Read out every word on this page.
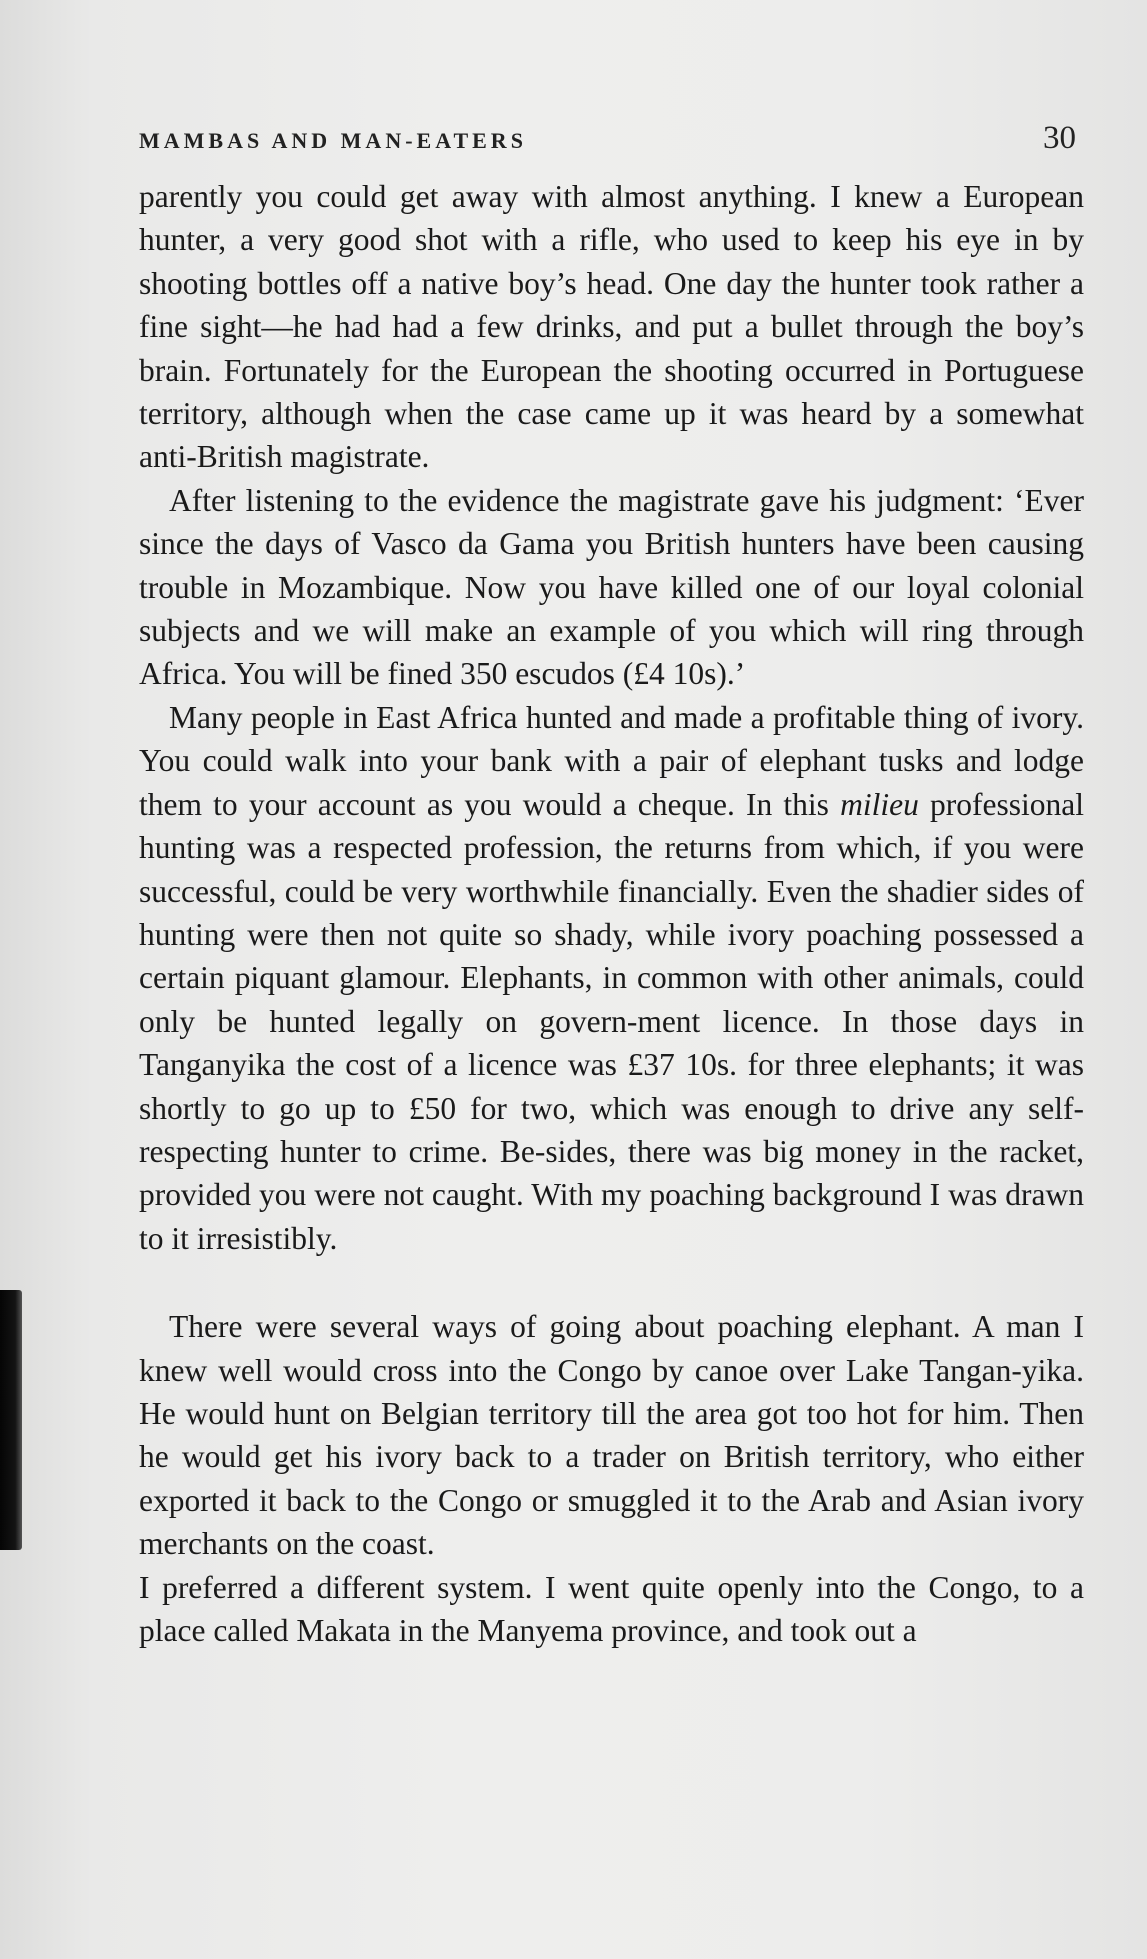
MAMBAS AND MAN-EATERS	30

parently you could get away with almost anything. I knew a European hunter, a very good shot with a rifle, who used to keep his eye in by shooting bottles off a native boy’s head. One day the hunter took rather a fine sight—he had had a few drinks, and put a bullet through the boy’s brain. Fortunately for the European the shooting occurred in Portuguese territory, although when the case came up it was heard by a somewhat anti-British magistrate.

After listening to the evidence the magistrate gave his judgment: ‘Ever since the days of Vasco da Gama you British hunters have been causing trouble in Mozambique. Now you have killed one of our loyal colonial subjects and we will make an example of you which will ring through Africa. You will be fined 350 escudos (£4 10s).’

Many people in East Africa hunted and made a profitable thing of ivory. You could walk into your bank with a pair of elephant tusks and lodge them to your account as you would a cheque. In this milieu professional hunting was a respected profession, the returns from which, if you were successful, could be very worthwhile financially. Even the shadier sides of hunting were then not quite so shady, while ivory poaching possessed a certain piquant glamour. Elephants, in common with other animals, could only be hunted legally on govern-ment licence. In those days in Tanganyika the cost of a licence was £37 10s. for three elephants; it was shortly to go up to £50 for two, which was enough to drive any self-respecting hunter to crime. Be-sides, there was big money in the racket, provided you were not caught. With my poaching background I was drawn to it irresistibly.

There were several ways of going about poaching elephant. A man I knew well would cross into the Congo by canoe over Lake Tangan-yika. He would hunt on Belgian territory till the area got too hot for him. Then he would get his ivory back to a trader on British territory, who either exported it back to the Congo or smuggled it to the Arab and Asian ivory merchants on the coast.

I preferred a different system. I went quite openly into the Congo, to a place called Makata in the Manyema province, and took out a
